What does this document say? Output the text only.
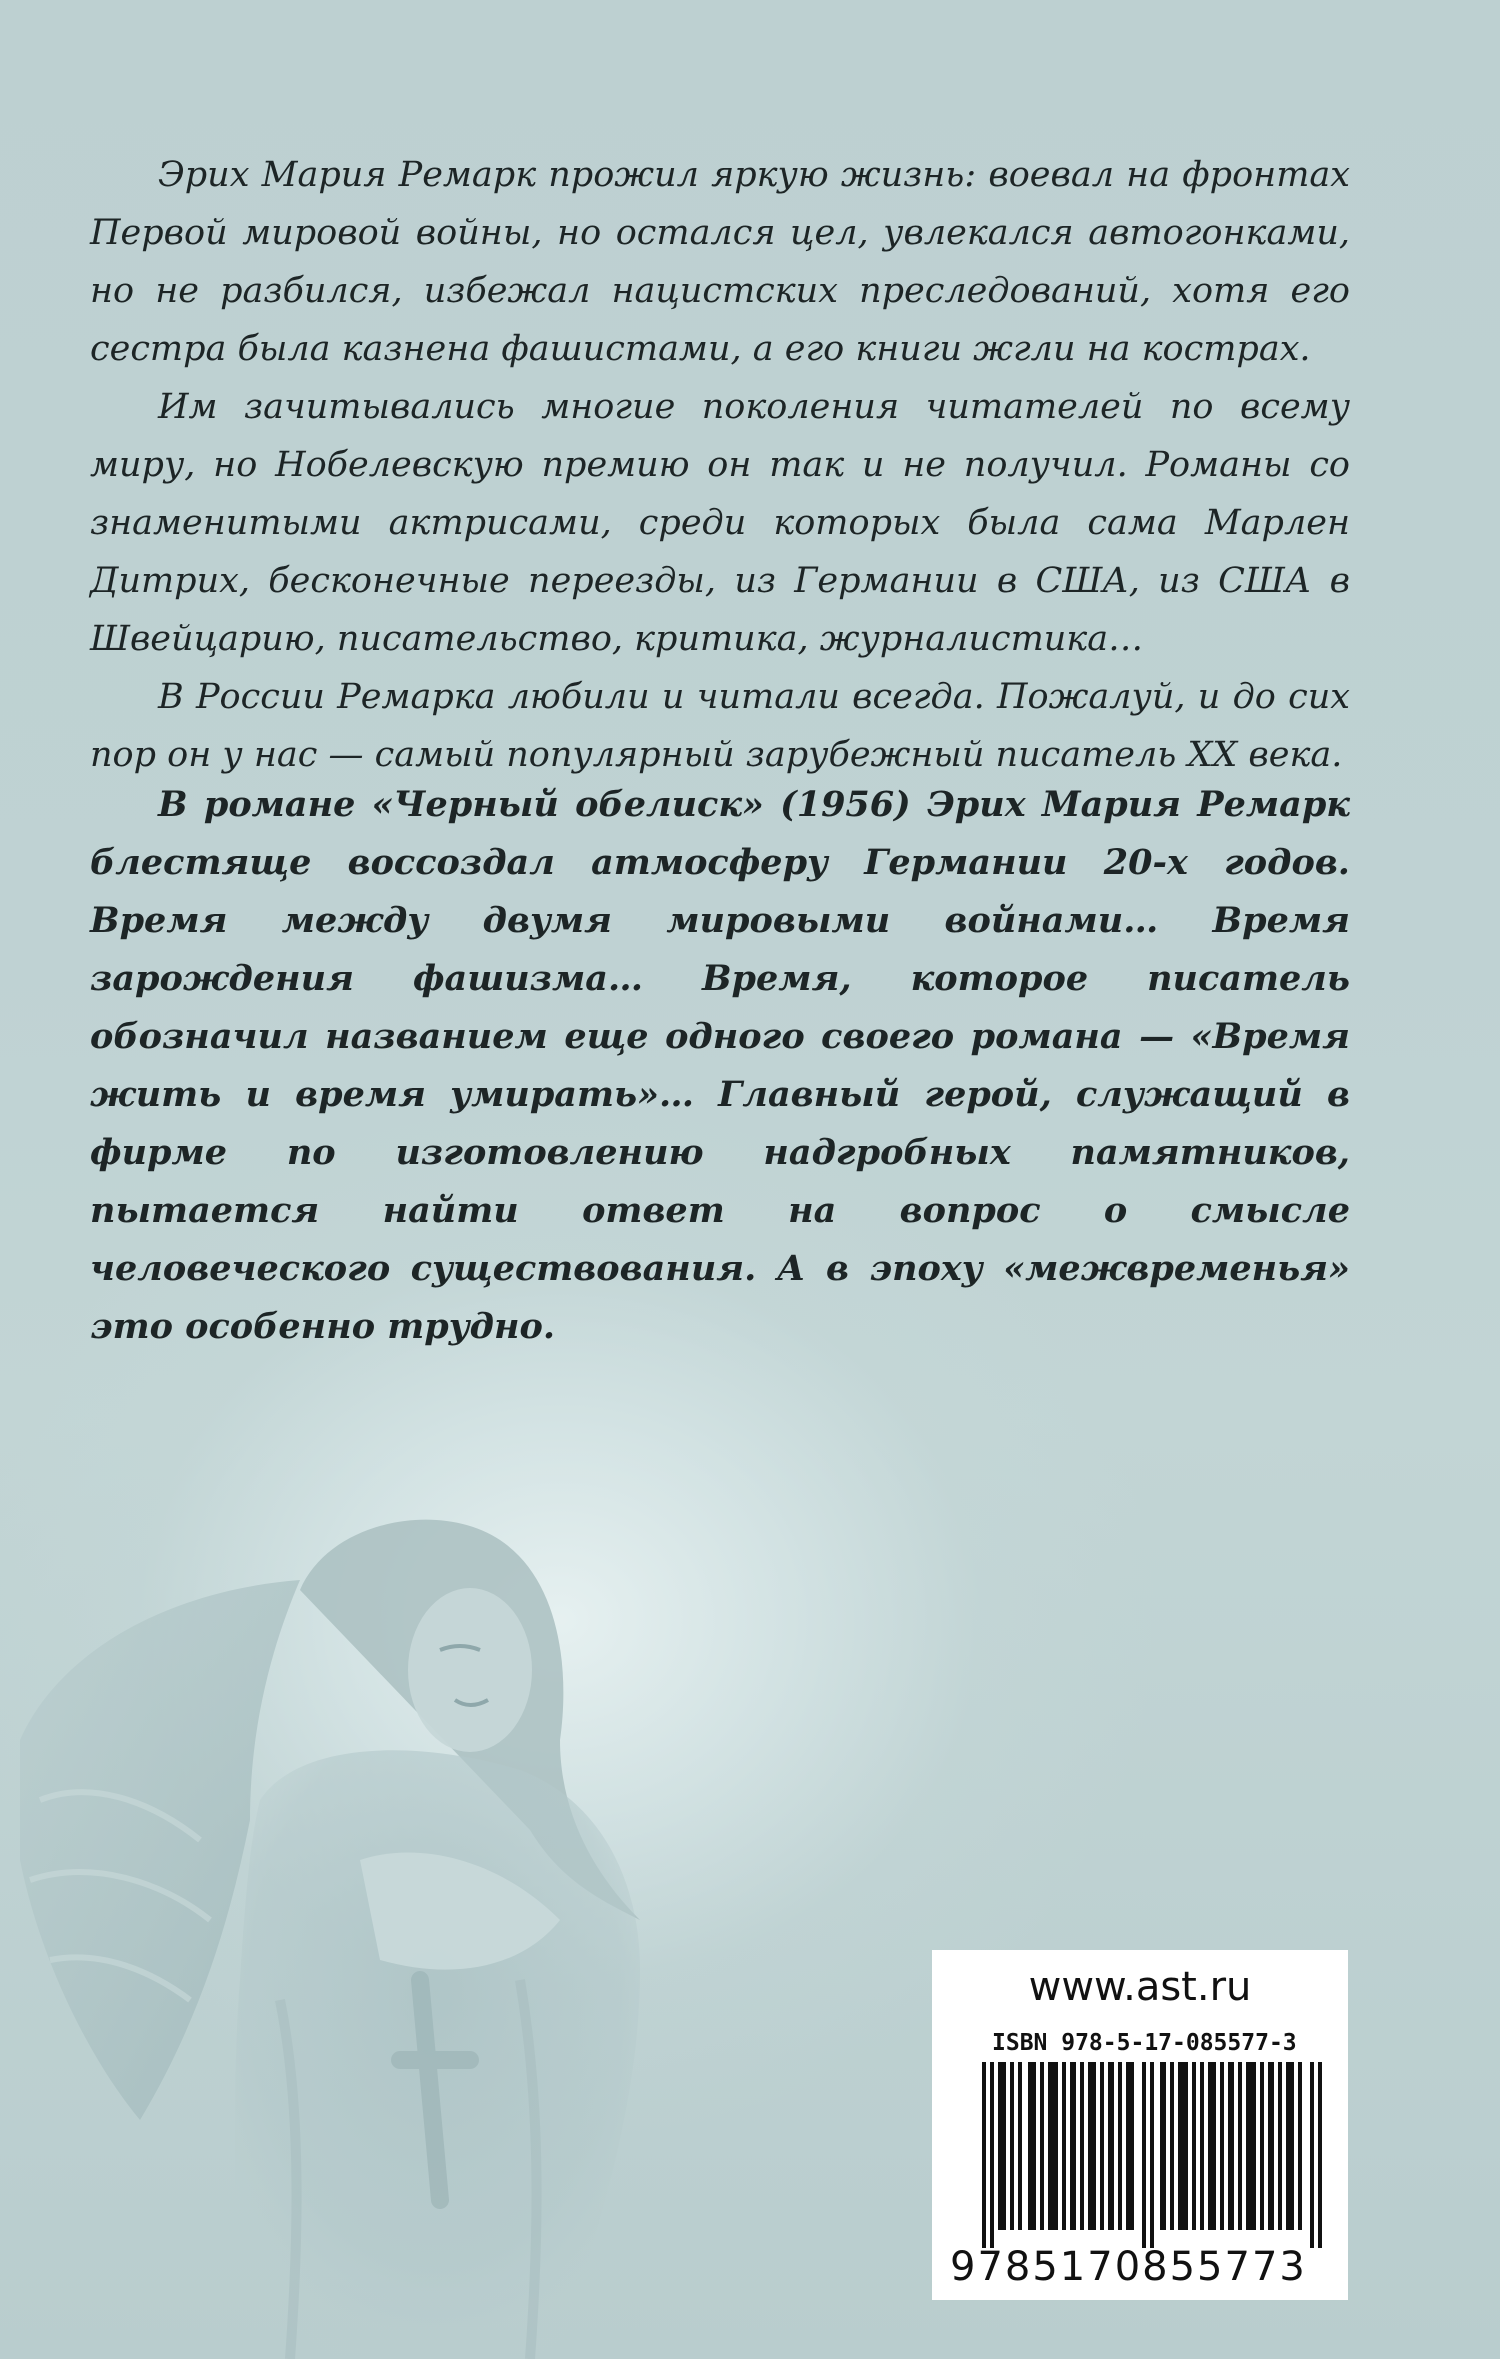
Эрих Мария Ремарк прожил яркую жизнь: воевал на фронтах Первой мировой войны, но остался цел, увлекался автогонками, но не разбился, избежал нацистских преследований, хотя его сестра была казнена фашистами, а его книги жгли на кострах.

Им зачитывались многие поколения читателей по всему миру, но Нобелевскую премию он так и не получил. Романы со знаменитыми актрисами, среди которых была сама Марлен Дитрих, бесконечные переезды, из Германии в США, из США в Швейцарию, писательство, критика, журналистика…

В России Ремарка любили и читали всегда. Пожалуй, и до сих пор он у нас — самый популярный зарубежный писатель XX века.

В романе «Черный обелиск» (1956) Эрих Мария Ремарк блестяще воссоздал атмосферу Германии 20-х годов. Время между двумя мировыми войнами… Время зарождения фашизма… Время, которое писатель обозначил названием еще одного своего романа — «Время жить и время умирать»… Главный герой, служащий в фирме по изготовлению надгробных памятников, пытается найти ответ на вопрос о смысле человеческого существования. А в эпоху «межвременья» это особенно трудно.

www.ast.ru
ISBN 978-5-17-085577-3
9785170855773
